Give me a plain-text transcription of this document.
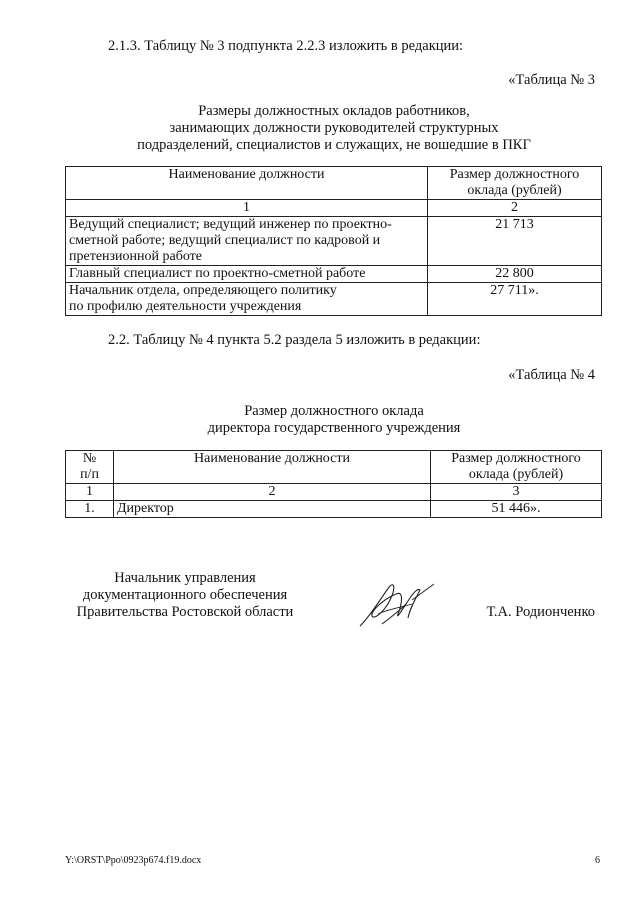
2.1.3. Таблицу № 3 подпункта 2.2.3 изложить в редакции:
«Таблица № 3
Размеры должностных окладов работников,
занимающих должности руководителей структурных
подразделений, специалистов и служащих, не вошедшие в ПКГ
Наименование должности	Размер должностного
оклада (рублей)
1	2
Ведущий специалист; ведущий инженер по проектно-
сметной работе; ведущий специалист по кадровой и
претензионной работе	21 713
Главный специалист по проектно-сметной работе	22 800
Начальник отдела, определяющего политику
по профилю деятельности учреждения	27 711».
2.2. Таблицу № 4 пункта 5.2 раздела 5 изложить в редакции:
«Таблица № 4
Размер должностного оклада
директора государственного учреждения
№
п/п	Наименование должности	Размер должностного
оклада (рублей)
1	2	3
1.	Директор	51 446».
Начальник управления
документационного обеспечения
Правительства Ростовской области	Т.А. Родионченко
Y:\ORST\Ppo\0923p674.f19.docx	6
